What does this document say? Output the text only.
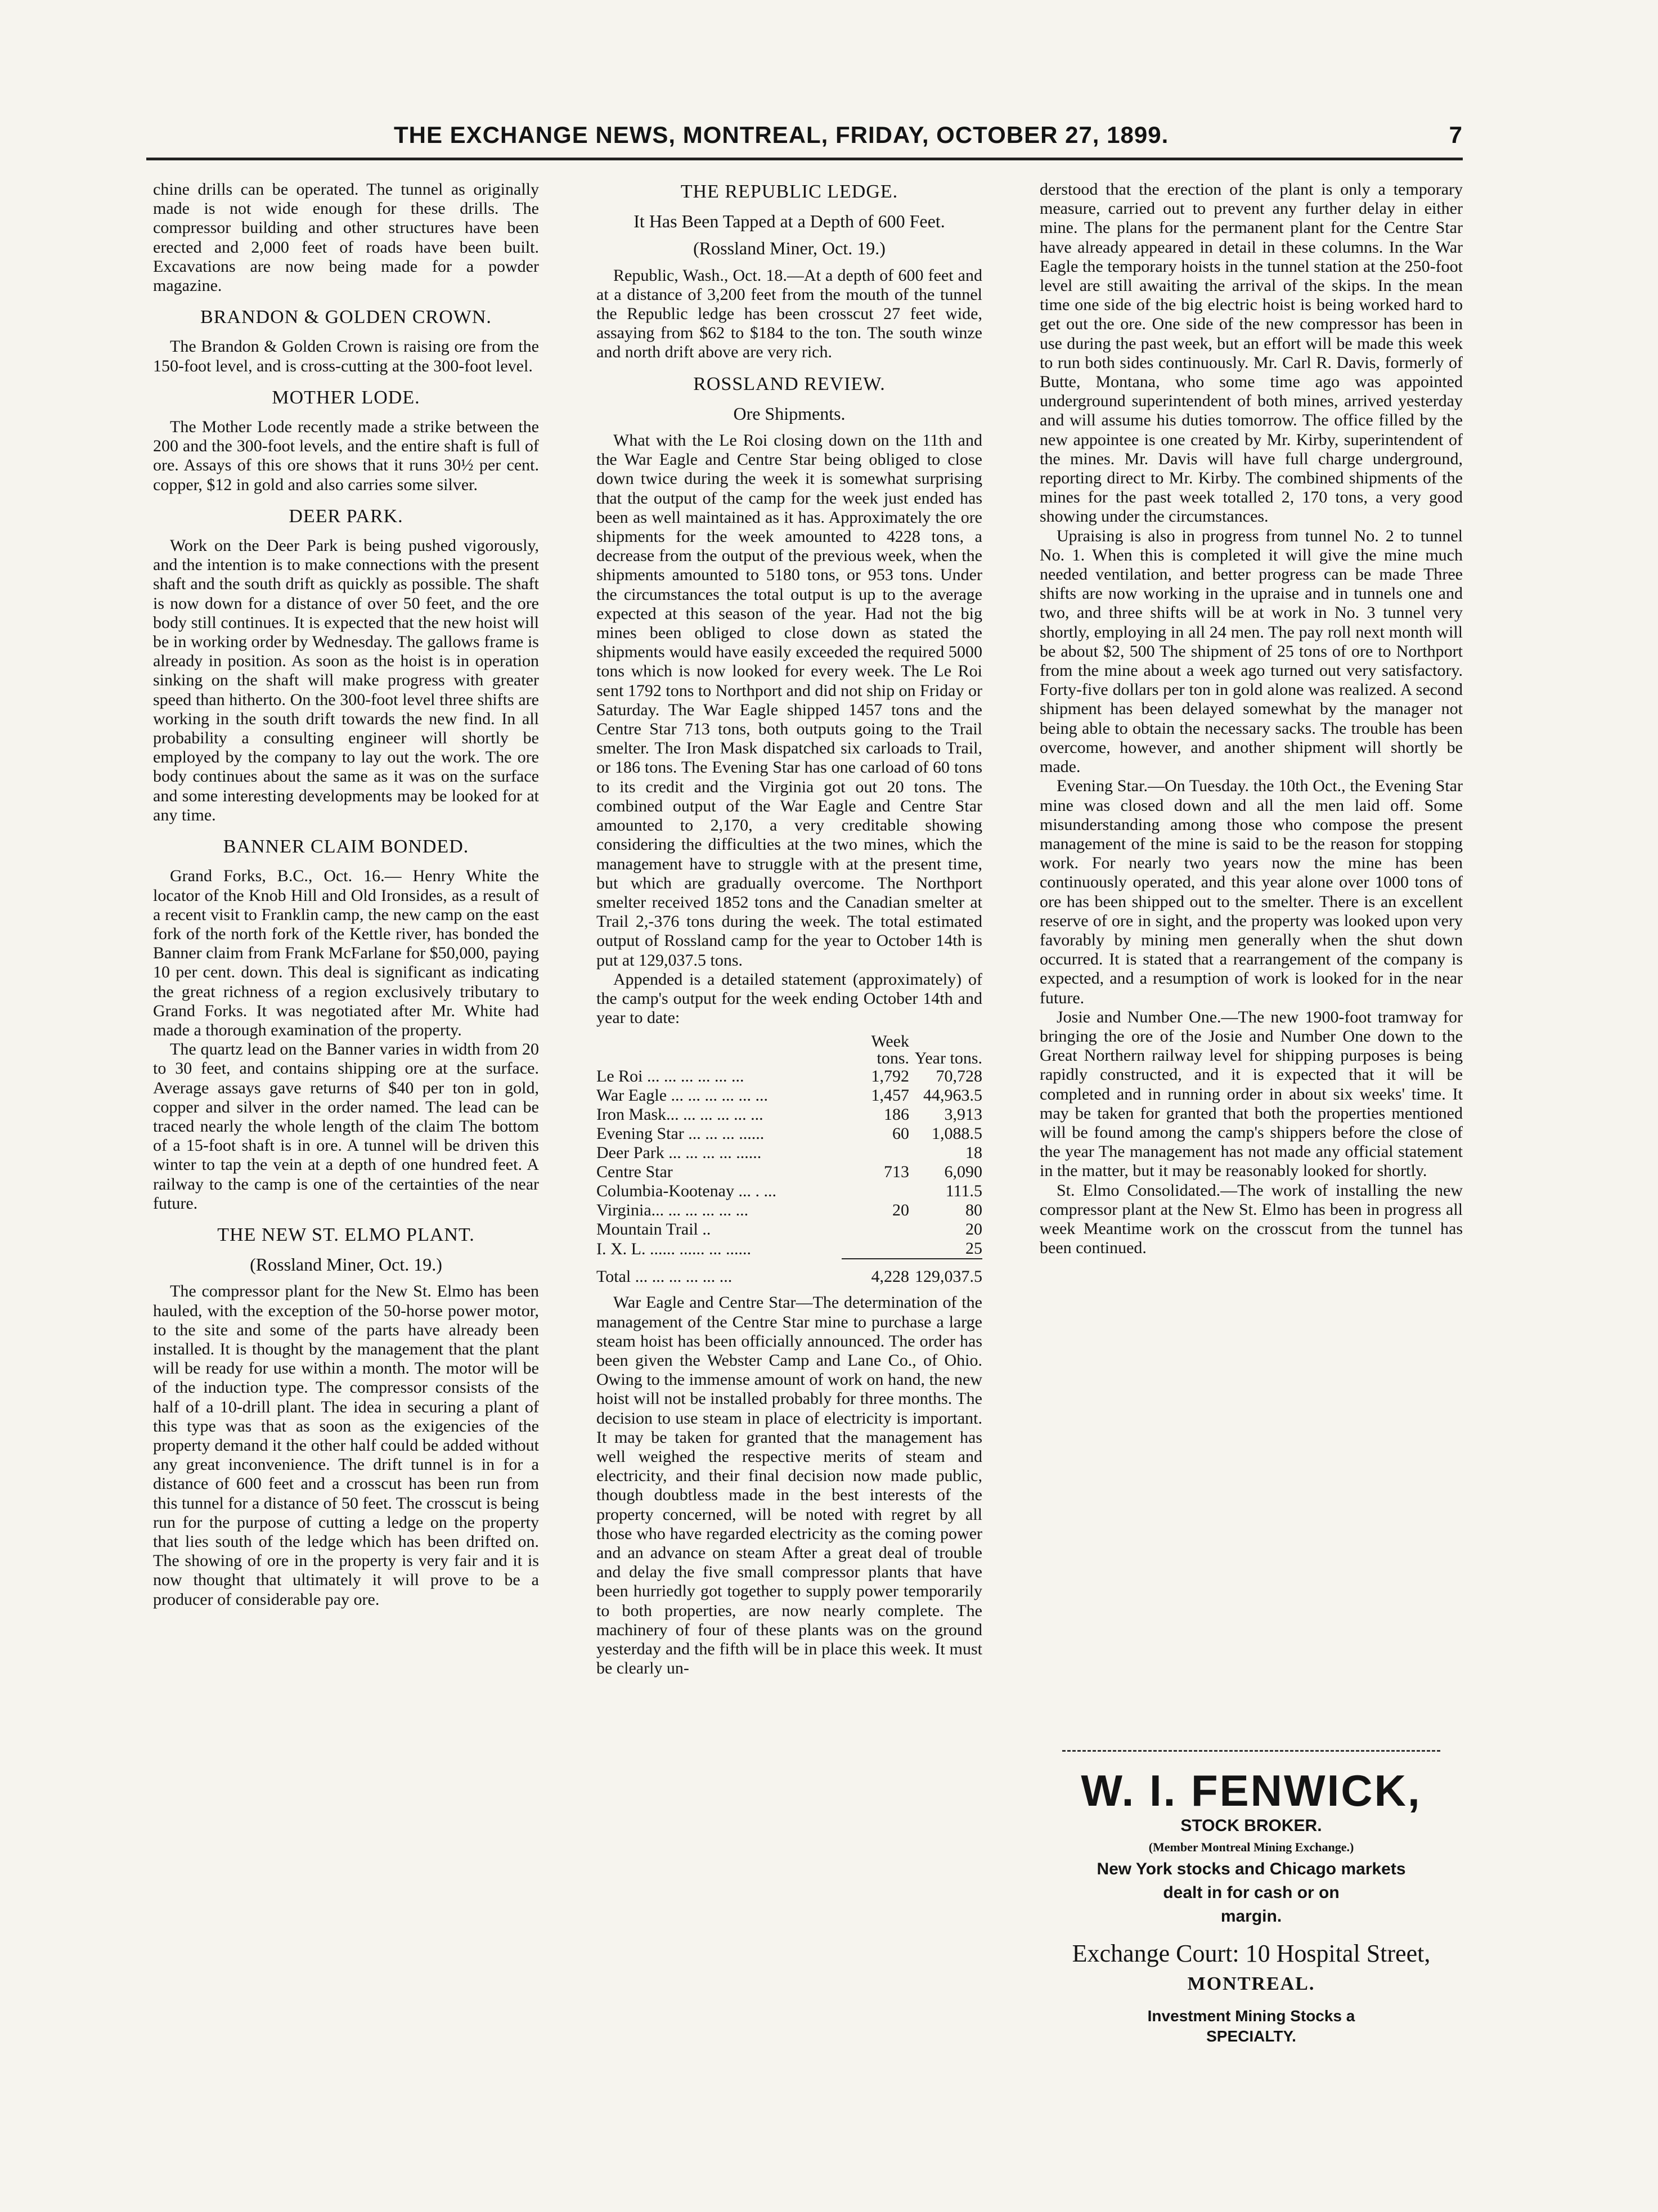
THE EXCHANGE NEWS, MONTREAL, FRIDAY, OCTOBER 27, 1899.	7

chine drills can be operated. The tunnel as originally made is not wide enough for these drills. The compressor building and other structures have been erected and 2,000 feet of roads have been built. Excavations are now being made for a powder magazine.

BRANDON & GOLDEN CROWN.

The Brandon & Golden Crown is raising ore from the 150-foot level, and is cross-cutting at the 300-foot level.

MOTHER LODE.

The Mother Lode recently made a strike between the 200 and the 300-foot levels, and the entire shaft is full of ore. Assays of this ore shows that it runs 30½ per cent. copper, $12 in gold and also carries some silver.

DEER PARK.

Work on the Deer Park is being pushed vigorously, and the intention is to make connections with the present shaft and the south drift as quickly as possible. The shaft is now down for a distance of over 50 feet, and the ore body still continues. It is expected that the new hoist will be in working order by Wednesday. The gallows frame is already in position. As soon as the hoist is in operation sinking on the shaft will make progress with greater speed than hitherto. On the 300-foot level three shifts are working in the south drift towards the new find. In all probability a consulting engineer will shortly be employed by the company to lay out the work. The ore body continues about the same as it was on the surface and some interesting developments may be looked for at any time.

BANNER CLAIM BONDED.

Grand Forks, B.C., Oct. 16.— Henry White the locator of the Knob Hill and Old Ironsides, as a result of a recent visit to Franklin camp, the new camp on the east fork of the north fork of the Kettle river, has bonded the Banner claim from Frank McFarlane for $50,000, paying 10 per cent. down. This deal is significant as indicating the great richness of a region exclusively tributary to Grand Forks. It was negotiated after Mr. White had made a thorough examination of the property.

The quartz lead on the Banner varies in width from 20 to 30 feet, and contains shipping ore at the surface. Average assays gave returns of $40 per ton in gold, copper and silver in the order named. The lead can be traced nearly the whole length of the claim The bottom of a 15-foot shaft is in ore. A tunnel will be driven this winter to tap the vein at a depth of one hundred feet. A railway to the camp is one of the certainties of the near future.

THE NEW ST. ELMO PLANT.
(Rossland Miner, Oct. 19.)

The compressor plant for the New St. Elmo has been hauled, with the exception of the 50-horse power motor, to the site and some of the parts have already been installed. It is thought by the management that the plant will be ready for use within a month. The motor will be of the induction type. The compressor consists of the half of a 10-drill plant. The idea in securing a plant of this type was that as soon as the exigencies of the property demand it the other half could be added without any great inconvenience. The drift tunnel is in for a distance of 600 feet and a crosscut has been run from this tunnel for a distance of 50 feet. The crosscut is being run for the purpose of cutting a ledge on the property that lies south of the ledge which has been drifted on. The showing of ore in the property is very fair and it is now thought that ultimately it will prove to be a producer of considerable pay ore.

THE REPUBLIC LEDGE.
It Has Been Tapped at a Depth of 600 Feet.
(Rossland Miner, Oct. 19.)

Republic, Wash., Oct. 18.—At a depth of 600 feet and at a distance of 3,200 feet from the mouth of the tunnel the Republic ledge has been crosscut 27 feet wide, assaying from $62 to $184 to the ton. The south winze and north drift above are very rich.

ROSSLAND REVIEW.
Ore Shipments.

What with the Le Roi closing down on the 11th and the War Eagle and Centre Star being obliged to close down twice during the week it is somewhat surprising that the output of the camp for the week just ended has been as well maintained as it has. Approximately the ore shipments for the week amounted to 4228 tons, a decrease from the output of the previous week, when the shipments amounted to 5180 tons, or 953 tons. Under the circumstances the total output is up to the average expected at this season of the year. Had not the big mines been obliged to close down as stated the shipments would have easily exceeded the required 5000 tons which is now looked for every week. The Le Roi sent 1792 tons to Northport and did not ship on Friday or Saturday. The War Eagle shipped 1457 tons and the Centre Star 713 tons, both outputs going to the Trail smelter. The Iron Mask dispatched six carloads to Trail, or 186 tons. The Evening Star has one carload of 60 tons to its credit and the Virginia got out 20 tons. The combined output of the War Eagle and Centre Star amounted to 2,170, a very creditable showing considering the difficulties at the two mines, which the management have to struggle with at the present time, but which are gradually overcome. The Northport smelter received 1852 tons and the Canadian smelter at Trail 2,-376 tons during the week. The total estimated output of Rossland camp for the year to October 14th is put at 129,037.5 tons.

Appended is a detailed statement (approximately) of the camp's output for the week ending October 14th and year to date:

	Week tons.	Year tons.
Le Roi ... ... ... ... ... ...	1,792	70,728
War Eagle ... ... ... ... ... ...	1,457	44,963.5
Iron Mask... ... ... ... ... ...	186	3,913
Evening Star ... ... ... ......	60	1,088.5
Deer Park ... ... ... ... ......		18
Centre Star	713	6,090
Columbia-Kootenay ... . ...		111.5
Virginia... ... ... ... ... ...	20	80
Mountain Trail ..		20
I. X. L. ...... ...... ... ......		25
Total ... ... ... ... ... ...	4,228	129,037.5

War Eagle and Centre Star—The determination of the management of the Centre Star mine to purchase a large steam hoist has been officially announced. The order has been given the Webster Camp and Lane Co., of Ohio. Owing to the immense amount of work on hand, the new hoist will not be installed probably for three months. The decision to use steam in place of electricity is important. It may be taken for granted that the management has well weighed the respective merits of steam and electricity, and their final decision now made public, though doubtless made in the best interests of the property concerned, will be noted with regret by all those who have regarded electricity as the coming power and an advance on steam After a great deal of trouble and delay the five small compressor plants that have been hurriedly got together to supply power temporarily to both properties, are now nearly complete. The machinery of four of these plants was on the ground yesterday and the fifth will be in place this week. It must be clearly un-

derstood that the erection of the plant is only a temporary measure, carried out to prevent any further delay in either mine. The plans for the permanent plant for the Centre Star have already appeared in detail in these columns. In the War Eagle the temporary hoists in the tunnel station at the 250-foot level are still awaiting the arrival of the skips. In the mean time one side of the big electric hoist is being worked hard to get out the ore. One side of the new compressor has been in use during the past week, but an effort will be made this week to run both sides continuously. Mr. Carl R. Davis, formerly of Butte, Montana, who some time ago was appointed underground superintendent of both mines, arrived yesterday and will assume his duties tomorrow. The office filled by the new appointee is one created by Mr. Kirby, superintendent of the mines. Mr. Davis will have full charge underground, reporting direct to Mr. Kirby. The combined shipments of the mines for the past week totalled 2, 170 tons, a very good showing under the circumstances.

Upraising is also in progress from tunnel No. 2 to tunnel No. 1. When this is completed it will give the mine much needed ventilation, and better progress can be made Three shifts are now working in the upraise and in tunnels one and two, and three shifts will be at work in No. 3 tunnel very shortly, employing in all 24 men. The pay roll next month will be about $2, 500 The shipment of 25 tons of ore to Northport from the mine about a week ago turned out very satisfactory. Forty-five dollars per ton in gold alone was realized. A second shipment has been delayed somewhat by the manager not being able to obtain the necessary sacks. The trouble has been overcome, however, and another shipment will shortly be made.

Evening Star.—On Tuesday. the 10th Oct., the Evening Star mine was closed down and all the men laid off. Some misunderstanding among those who compose the present management of the mine is said to be the reason for stopping work. For nearly two years now the mine has been continuously operated, and this year alone over 1000 tons of ore has been shipped out to the smelter. There is an excellent reserve of ore in sight, and the property was looked upon very favorably by mining men generally when the shut down occurred. It is stated that a rearrangement of the company is expected, and a resumption of work is looked for in the near future.

Josie and Number One.—The new 1900-foot tramway for bringing the ore of the Josie and Number One down to the Great Northern railway level for shipping purposes is being rapidly constructed, and it is expected that it will be completed and in running order in about six weeks' time. It may be taken for granted that both the properties mentioned will be found among the camp's shippers before the close of the year The management has not made any official statement in the matter, but it may be reasonably looked for shortly.

St. Elmo Consolidated.—The work of installing the new compressor plant at the New St. Elmo has been in progress all week Meantime work on the crosscut from the tunnel has been continued.

W. I. FENWICK,
STOCK BROKER.
(Member Montreal Mining Exchange.)
New York stocks and Chicago markets
dealt in for cash or on
margin.
Exchange Court: 10 Hospital Street,
MONTREAL.
Investment Mining Stocks a
SPECIALTY.
